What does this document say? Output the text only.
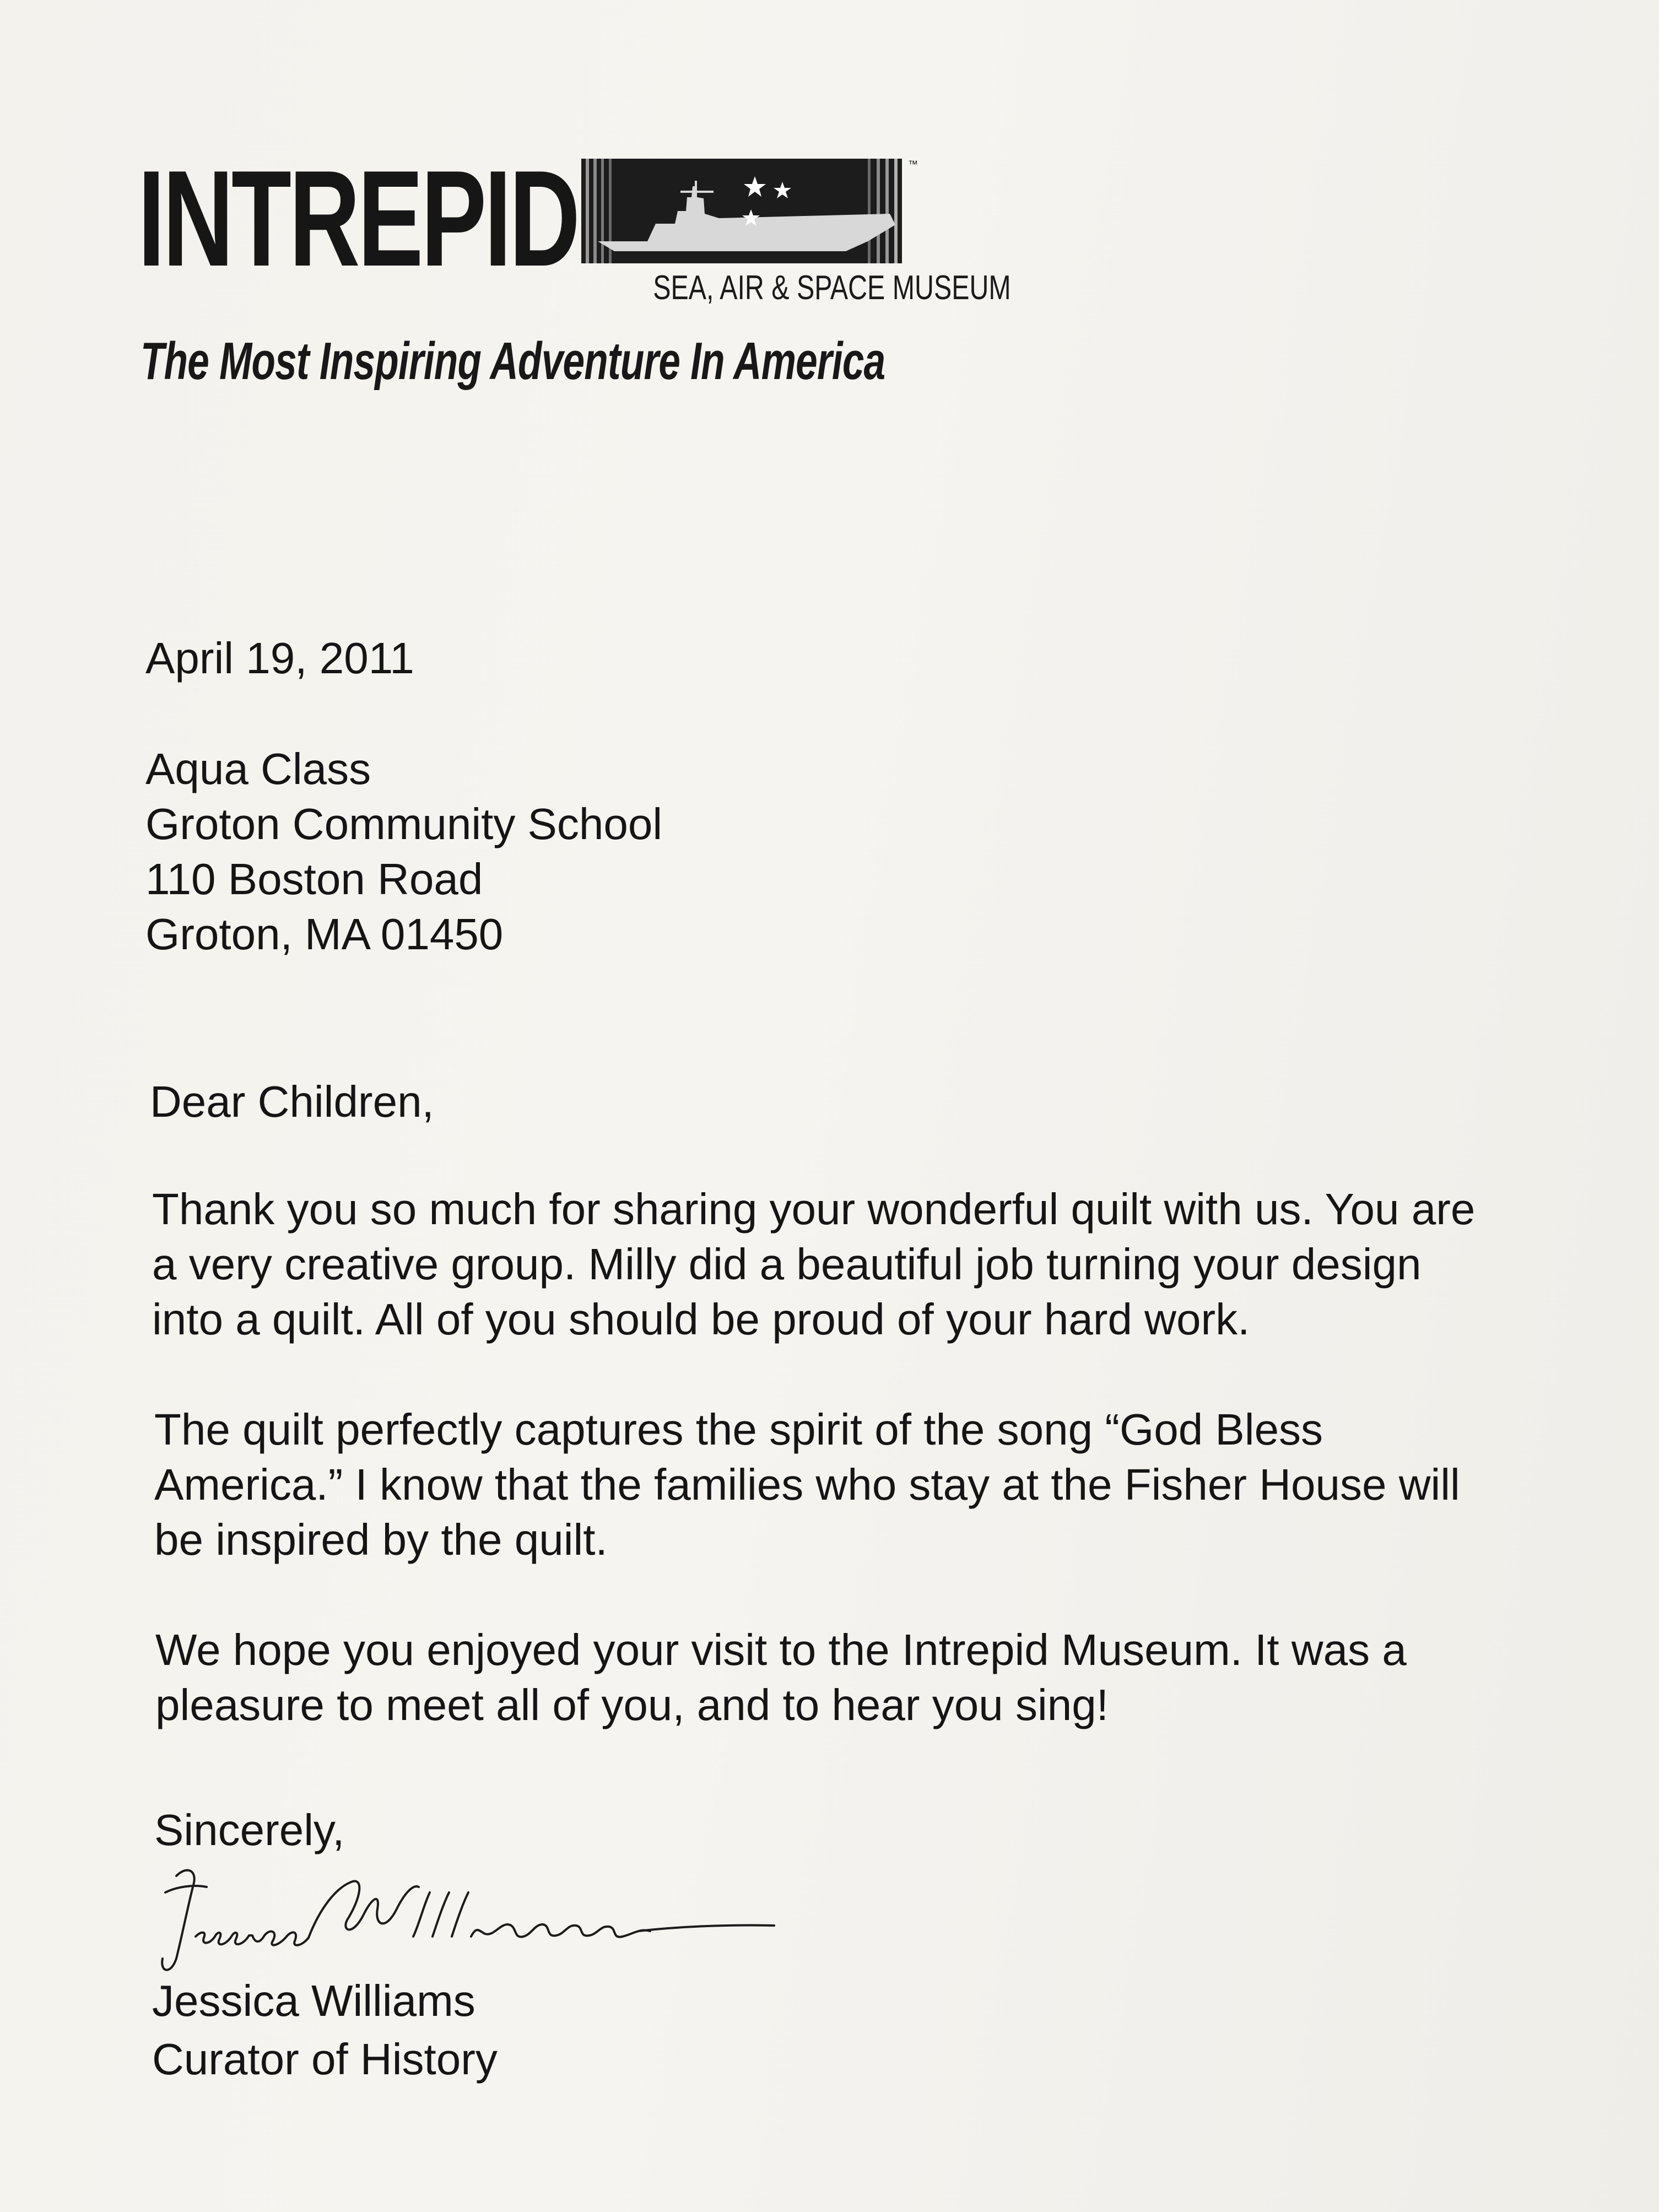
INTREPID	™
SEA, AIR & SPACE MUSEUM
The Most Inspiring Adventure In America
April 19, 2011
Aqua Class
Groton Community School
110 Boston Road
Groton, MA 01450
Dear Children,
Thank you so much for sharing your wonderful quilt with us. You are
a very creative group. Milly did a beautiful job turning your design
into a quilt. All of you should be proud of your hard work.
The quilt perfectly captures the spirit of the song “God Bless
America.” I know that the families who stay at the Fisher House will
be inspired by the quilt.
We hope you enjoyed your visit to the Intrepid Museum. It was a
pleasure to meet all of you, and to hear you sing!
Sincerely,
Jessica Williams
Curator of History
